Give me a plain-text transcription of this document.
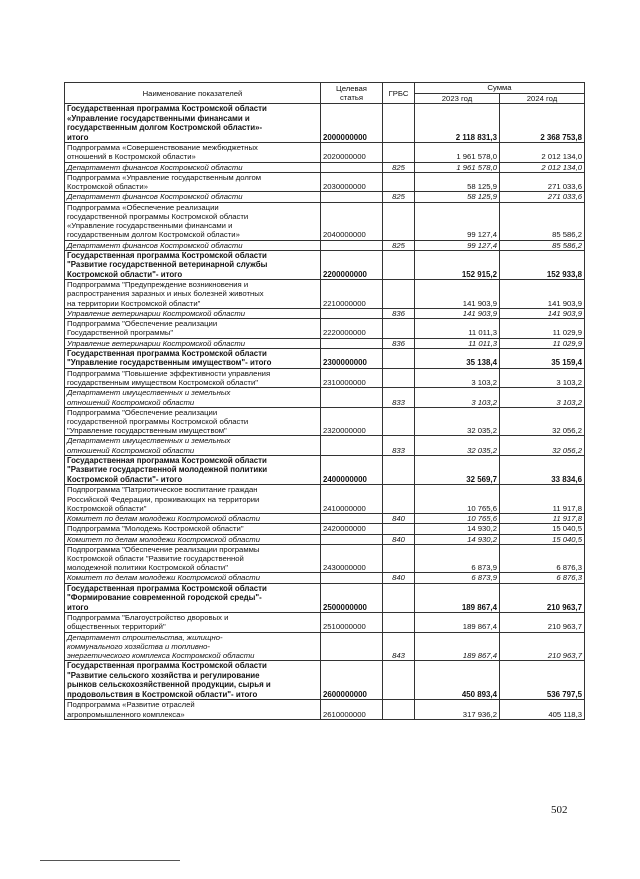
Наименование показателей	Целевая
статья	ГРБС	Сумма	
			2023 год	2024 год
Государственная программа Костромской области
«Управление государственными финансами и
государственным долгом Костромской области»-
итого	2000000000		2 118 831,3	2 368 753,8
Подпрограмма «Совершенствование межбюджетных
отношений в Костромской области»	2020000000		1 961 578,0	2 012 134,0
Департамент финансов Костромской области		825	1 961 578,0	2 012 134,0
Подпрограмма «Управление государственным долгом
Костромской области»	2030000000		58 125,9	271 033,6
Департамент финансов Костромской области		825	58 125,9	271 033,6
Подпрограмма «Обеспечение реализации
государственной программы Костромской области
«Управление государственными финансами и
государственным долгом Костромской области»	2040000000		99 127,4	85 586,2
Департамент финансов Костромской области		825	99 127,4	85 586,2
Государственная программа Костромской области
"Развитие государственной ветеринарной службы
Костромской области"- итого	2200000000		152 915,2	152 933,8
Подпрограмма "Предупреждение возникновения и
распространения заразных и иных болезней животных
на территории Костромской области"	2210000000		141 903,9	141 903,9
Управление ветеринарии Костромской области		836	141 903,9	141 903,9
Подпрограмма "Обеспечение реализации
Государственной программы"	2220000000		11 011,3	11 029,9
Управление ветеринарии Костромской области		836	11 011,3	11 029,9
Государственная программа Костромской области
"Управление государственным имуществом"- итого	2300000000		35 138,4	35 159,4
Подпрограмма "Повышение эффективности управления
государственным имуществом Костромской области"	2310000000		3 103,2	3 103,2
Департамент имущественных и земельных
отношений Костромской области		833	3 103,2	3 103,2
Подпрограмма "Обеспечение реализации
государственной программы Костромской области
"Управление государственным имуществом"	2320000000		32 035,2	32 056,2
Департамент имущественных и земельных
отношений Костромской области		833	32 035,2	32 056,2
Государственная программа Костромской области
"Развитие государственной молодежной политики
Костромской области"- итого	2400000000		32 569,7	33 834,6
Подпрограмма "Патриотическое воспитание граждан
Российской Федерации, проживающих на территории
Костромской области"	2410000000		10 765,6	11 917,8
Комитет по делам молодежи Костромской области		840	10 765,6	11 917,8
Подпрограмма "Молодежь Костромской области"	2420000000		14 930,2	15 040,5
Комитет по делам молодежи Костромской области		840	14 930,2	15 040,5
Подпрограмма "Обеспечение реализации программы
Костромской области "Развитие государственной
молодежной политики Костромской области"	2430000000		6 873,9	6 876,3
Комитет по делам молодежи Костромской области		840	6 873,9	6 876,3
Государственная программа Костромской области
"Формирование современной городской среды"-
итого	2500000000		189 867,4	210 963,7
Подпрограмма "Благоустройство дворовых и
общественных территорий"	2510000000		189 867,4	210 963,7
Департамент строительства, жилищно-
коммунального хозяйства и топливно-
энергетического комплекса Костромской области		843	189 867,4	210 963,7
Государственная программа Костромской области
"Развитие сельского хозяйства и регулирование
рынков сельскохозяйственной продукции, сырья и
продовольствия в Костромской области"- итого	2600000000		450 893,4	536 797,5
Подпрограмма «Развитие отраслей
агропромышленного комплекса»	2610000000		317 936,2	405 118,3
502
